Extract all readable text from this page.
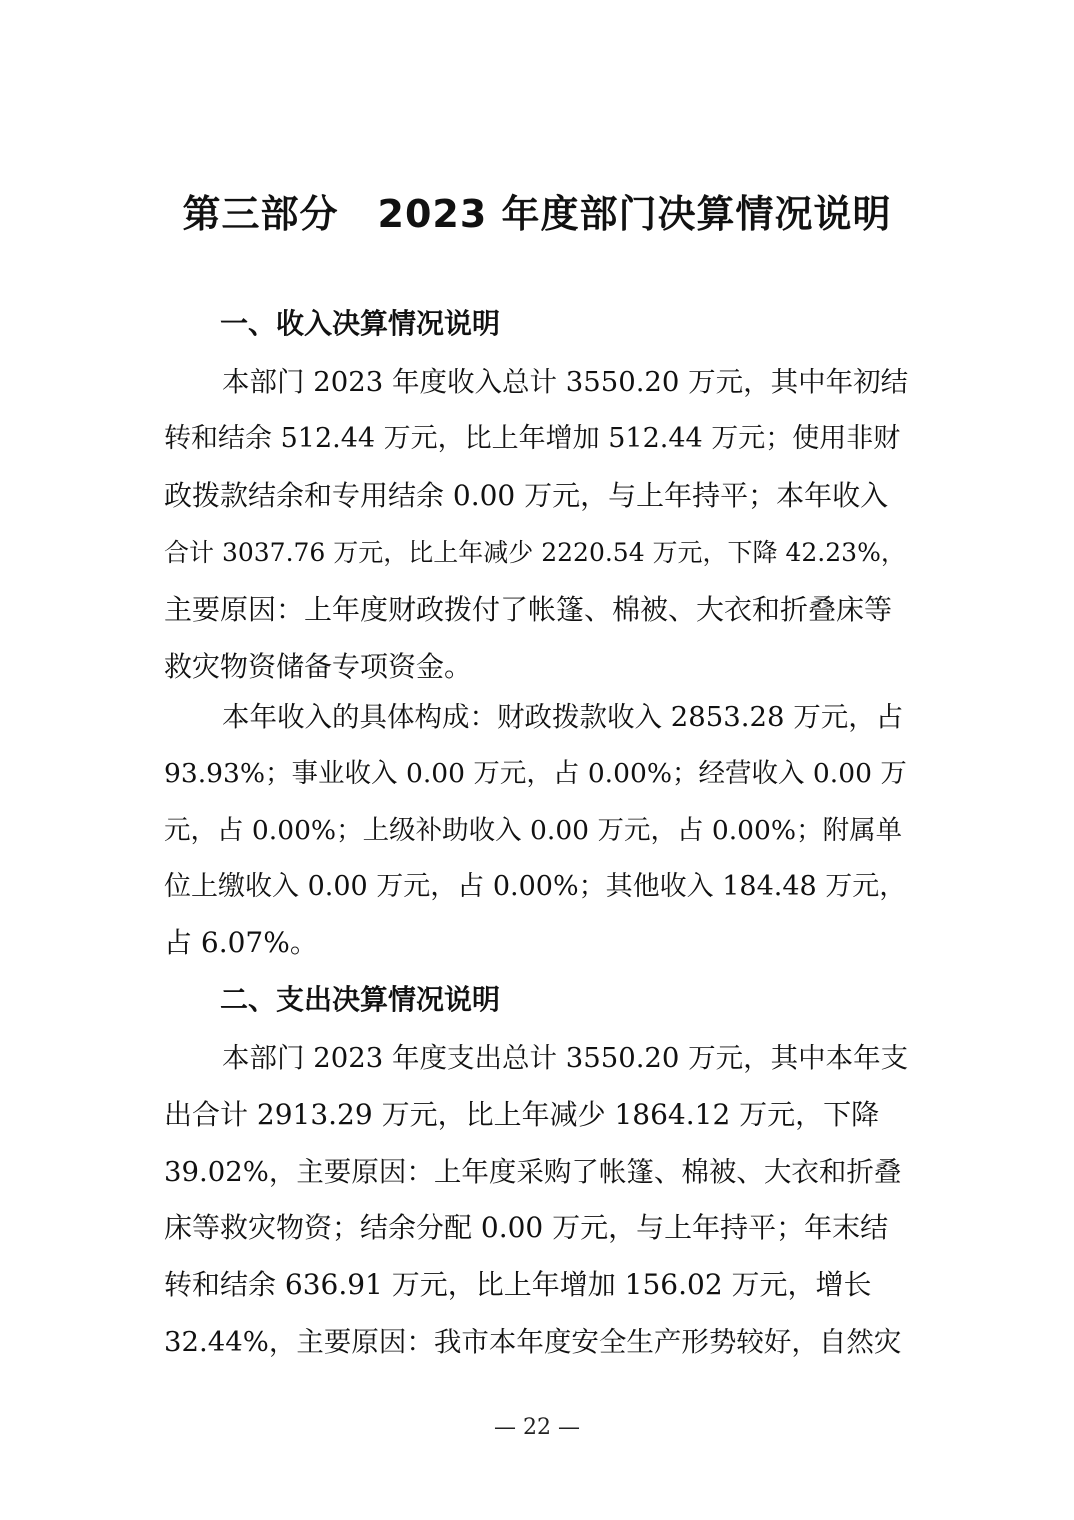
第三部分　2023 年度部门决算情况说明
一、收入决算情况说明

本部门 2023 年度收入总计 3550.20 万元，其中年初结

转和结余 512.44 万元，比上年增加 512.44 万元；使用非财

政拨款结余和专用结余 0.00 万元，与上年持平；本年收入

合计 3037.76 万元，比上年减少 2220.54 万元，下降 42.23%，

主要原因：上年度财政拨付了帐篷、棉被、大衣和折叠床等

救灾物资储备专项资金。

本年收入的具体构成：财政拨款收入 2853.28 万元，占

93.93%；事业收入 0.00 万元，占 0.00%；经营收入 0.00 万

元，占 0.00%；上级补助收入 0.00 万元，占 0.00%；附属单

位上缴收入 0.00 万元，占 0.00%；其他收入 184.48 万元，

占 6.07%。

二、支出决算情况说明

本部门 2023 年度支出总计 3550.20 万元，其中本年支

出合计 2913.29 万元，比上年减少 1864.12 万元，下降

39.02%，主要原因：上年度采购了帐篷、棉被、大衣和折叠

床等救灾物资；结余分配 0.00 万元，与上年持平；年末结

转和结余 636.91 万元，比上年增加 156.02 万元，增长

32.44%，主要原因：我市本年度安全生产形势较好，自然灾

— 22 —
